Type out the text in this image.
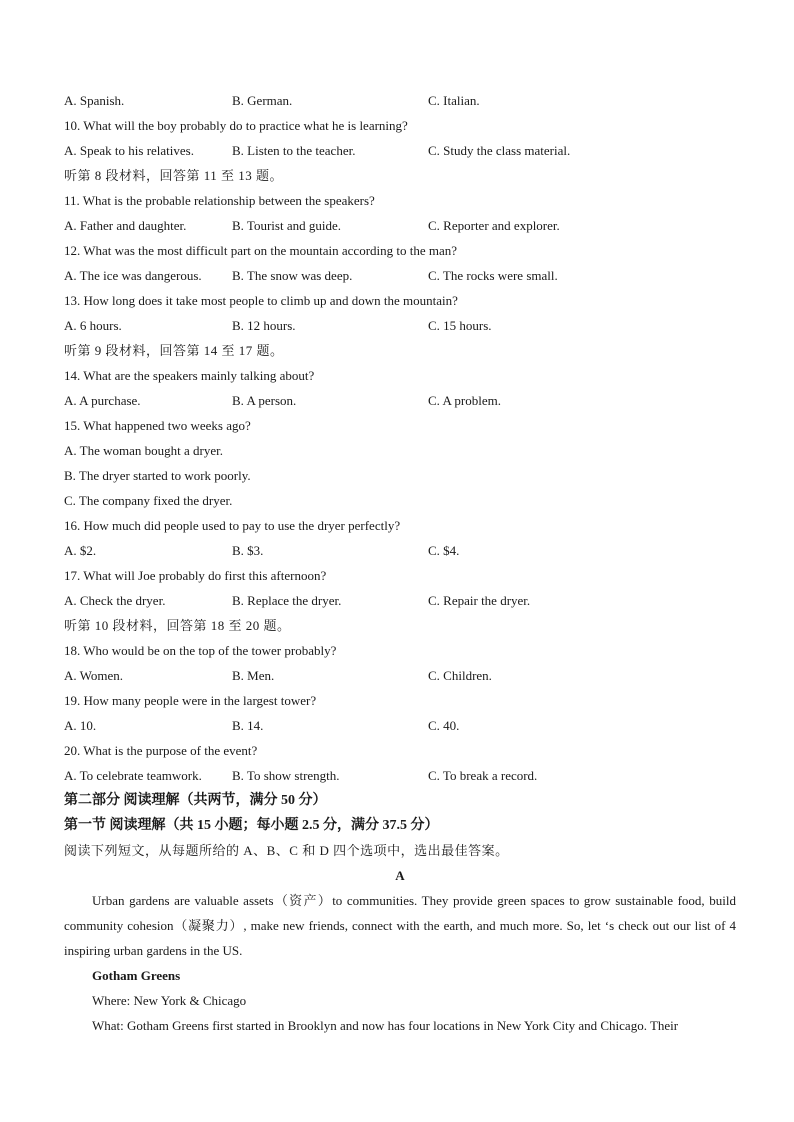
A. Spanish.	B. German.	C. Italian.
10. What will the boy probably do to practice what he is learning?
A. Speak to his relatives.	B. Listen to the teacher.	C. Study the class material.
听第 8 段材料，回答第 11 至 13 题。
11. What is the probable relationship between the speakers?
A. Father and daughter.	B. Tourist and guide.	C. Reporter and explorer.
12. What was the most difficult part on the mountain according to the man?
A. The ice was dangerous. B. The snow was deep.	C. The rocks were small.
13. How long does it take most people to climb up and down the mountain?
A. 6 hours.	B. 12 hours.	C. 15 hours.
听第 9 段材料，回答第 14 至 17 题。
14. What are the speakers mainly talking about?
A. A purchase.	B. A person.	C. A problem.
15. What happened two weeks ago?
A. The woman bought a dryer.
B. The dryer started to work poorly.
C. The company fixed the dryer.
16. How much did people used to pay to use the dryer perfectly?
A. $2.	B. $3.	C. $4.
17. What will Joe probably do first this afternoon?
A. Check the dryer.	B. Replace the dryer.	C. Repair the dryer.
听第 10 段材料，回答第 18 至 20 题。
18. Who would be on the top of the tower probably?
A. Women.	B. Men.	C. Children.
19. How many people were in the largest tower?
A. 10.	B. 14.	C. 40.
20. What is the purpose of the event?
A. To celebrate teamwork. B. To show strength.	C. To break a record.
第二部分 阅读理解（共两节，满分 50 分）
第一节 阅读理解（共 15 小题；每小题 2.5 分，满分 37.5 分）
阅读下列短文，从每题所给的 A、B、C 和 D 四个选项中，选出最佳答案。
A
Urban gardens are valuable assets（资产）to communities. They provide green spaces to grow sustainable food, build community cohesion（凝聚力）, make new friends, connect with the earth, and much more. So, let ‘s check out our list of 4 inspiring urban gardens in the US.
Gotham Greens
Where: New York & Chicago
What: Gotham Greens first started in Brooklyn and now has four locations in New York City and Chicago. Their
